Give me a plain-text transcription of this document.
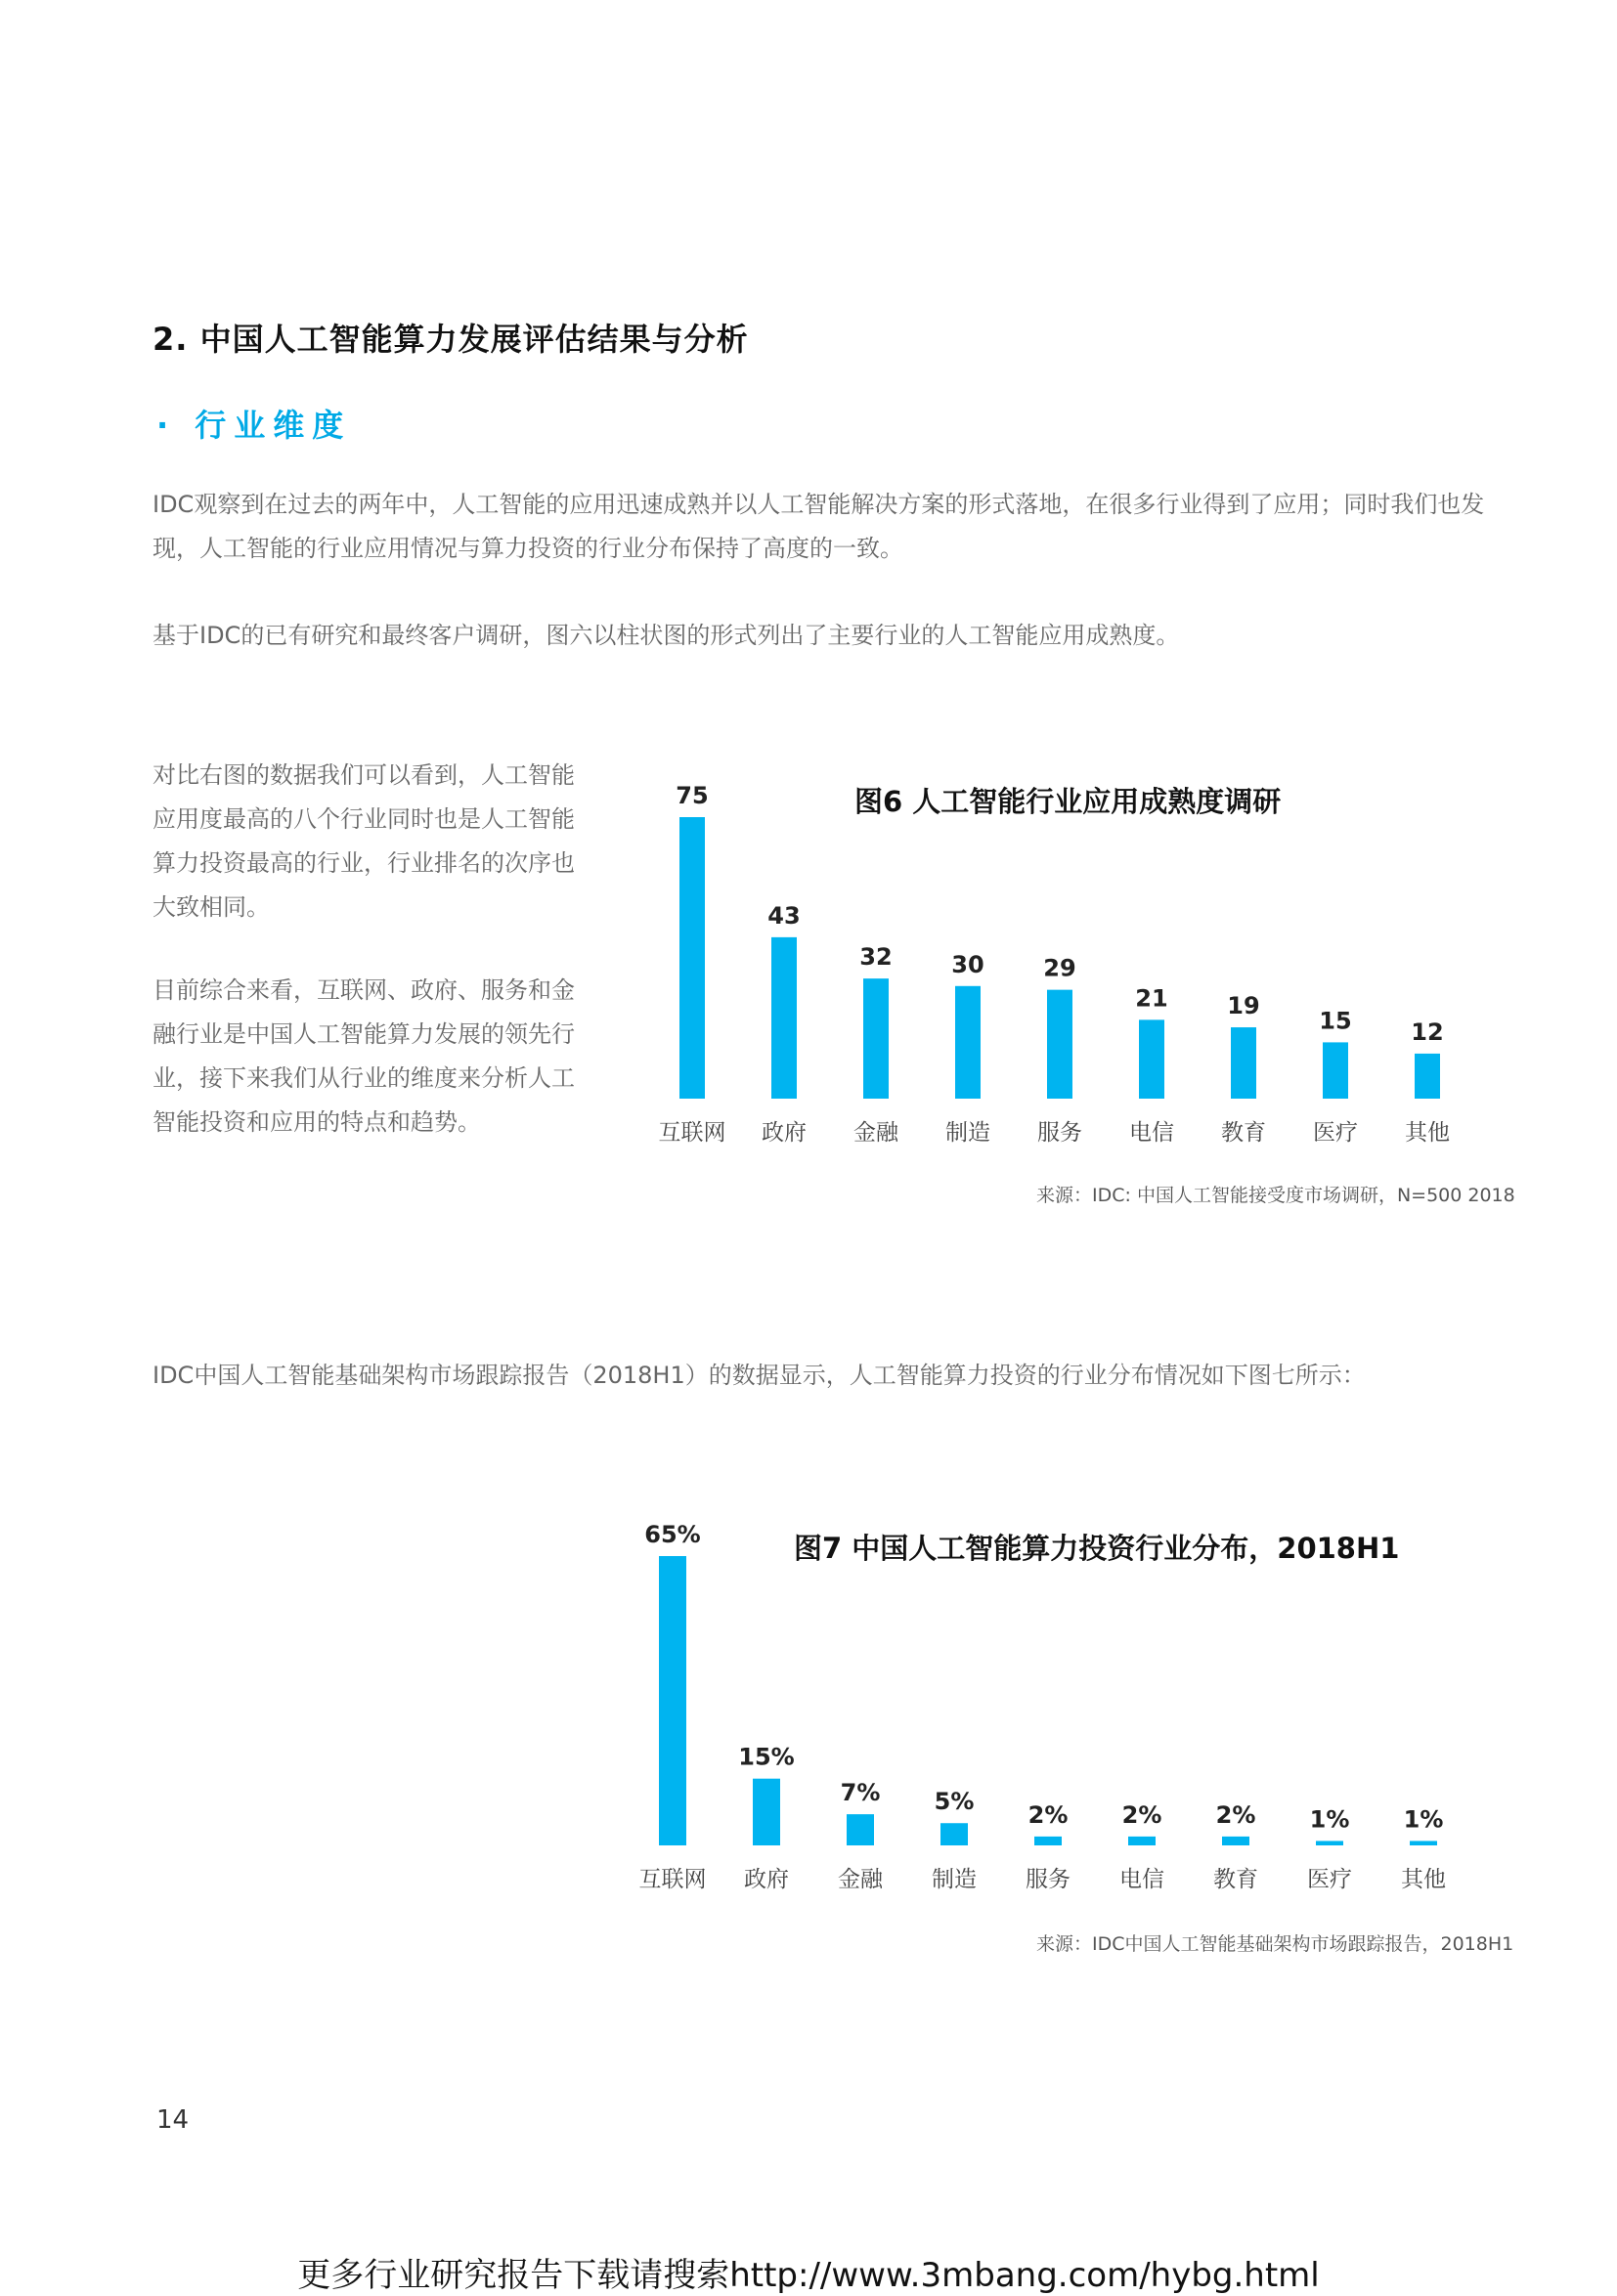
2. 中国人工智能算力发展评估结果与分析
· 行业维度
IDC观察到在过去的两年中，人工智能的应用迅速成熟并以人工智能解决方案的形式落地，在很多行业得到了应用；同时我们也发现，人工智能的行业应用情况与算力投资的行业分布保持了高度的一致。
基于IDC的已有研究和最终客户调研，图六以柱状图的形式列出了主要行业的人工智能应用成熟度。
对比右图的数据我们可以看到，人工智能应用度最高的八个行业同时也是人工智能算力投资最高的行业，行业排名的次序也大致相同。
目前综合来看，互联网、政府、服务和金融行业是中国人工智能算力发展的领先行业，接下来我们从行业的维度来分析人工智能投资和应用的特点和趋势。
图6 人工智能行业应用成熟度调研
75
互联网
43
政府
32
金融
30
制造
29
服务
21
电信
19
教育
15
医疗
12
其他
来源：IDC: 中国人工智能接受度市场调研，N=500 2018
IDC中国人工智能基础架构市场跟踪报告（2018H1）的数据显示，人工智能算力投资的行业分布情况如下图七所示：
图7 中国人工智能算力投资行业分布，2018H1
65%
互联网
15%
政府
7%
金融
5%
制造
2%
服务
2%
电信
2%
教育
1%
医疗
1%
其他
来源：IDC中国人工智能基础架构市场跟踪报告，2018H1
14
更多行业研究报告下载请搜索http://www.3mbang.com/hybg.html
